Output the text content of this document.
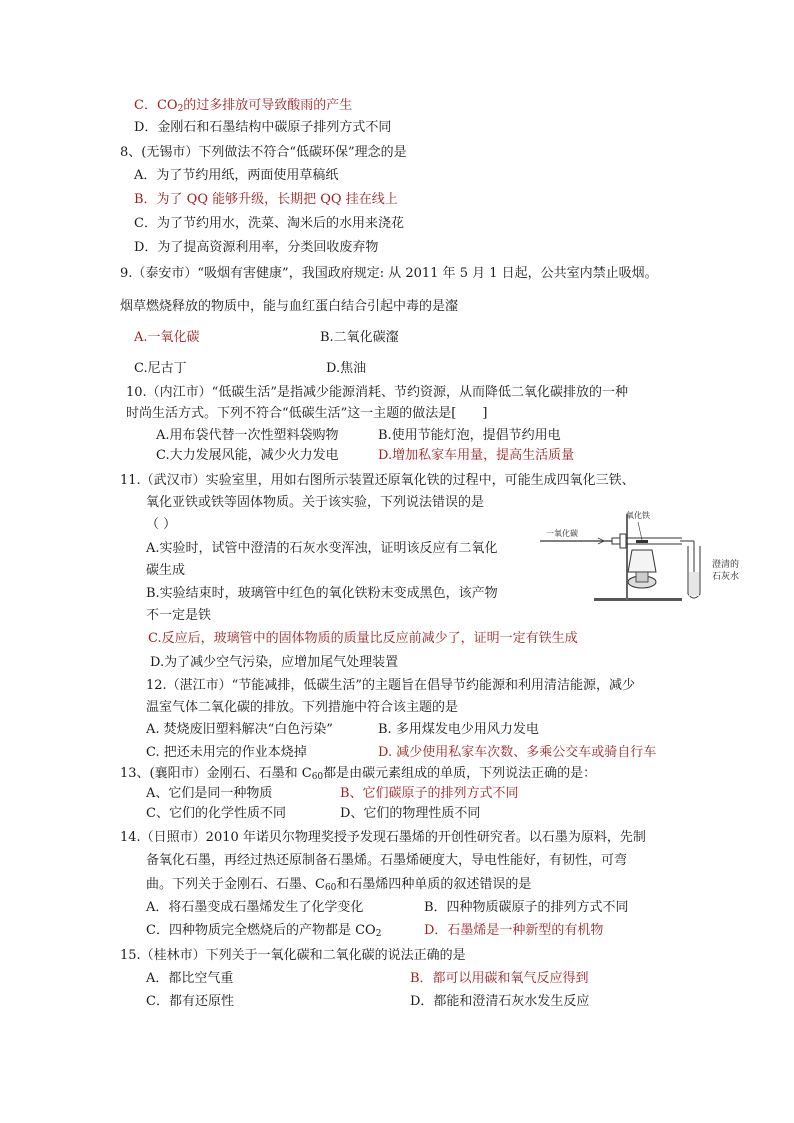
C．$CO_2$的过多排放可导致酸雨的产生
D．金刚石和石墨结构中碳原子排列方式不同
8、(无锡市）下列做法不符合“低碳环保”理念的是
A．为了节约用纸，两面使用草稿纸
B．为了 QQ 能够升级，长期把 QQ 挂在线上
C．为了节约用水，洗菜、淘米后的水用来浇花
D．为了提高资源利用率，分类回收废弃物
9.（泰安市）“吸烟有害健康”，我国政府规定: 从 2011 年 5 月 1 日起，公共室内禁止吸烟。
烟草燃烧释放的物质中，能与血红蛋白结合引起中毒的是瀣
A.一氧化碳	B.二氧化碳瀣
C.尼古丁	D.焦油
10.（内江市）“低碳生活”是指减少能源消耗、节约资源，从而降低二氧化碳排放的一种
时尚生活方式。下列不符合“低碳生活”这一主题的做法是[　　]
A.用布袋代替一次性塑料袋购物	B.使用节能灯泡，提倡节约用电
C.大力发展风能，减少火力发电	D.增加私家车用量，提高生活质量
11.（武汉市）实验室里，用如右图所示装置还原氧化铁的过程中，可能生成四氧化三铁、
氧化亚铁或铁等固体物质。关于该实验，下列说法错误的是
（ ）
A.实验时，试管中澄清的石灰水变浑浊，证明该反应有二氧化
碳生成
B.实验结束时，玻璃管中红色的氧化铁粉末变成黑色，该产物
不一定是铁
C.反应后，玻璃管中的固体物质的质量比反应前减少了，证明一定有铁生成
D.为了减少空气污染，应增加尾气处理装置
一氧化碳
氧化铁
澄清的
石灰水
12.（湛江市）“节能减排，低碳生活”的主题旨在倡导节约能源和利用清洁能源，减少
温室气体二氧化碳的排放。下列措施中符合该主题的是
A. 焚烧废旧塑料解决“白色污染”	B. 多用煤发电少用风力发电
C. 把还未用完的作业本烧掉	D. 减少使用私家车次数、多乘公交车或骑自行车
13、(襄阳市）金刚石、石墨和 $C_{60}$都是由碳元素组成的单质，下列说法正确的是：
A、它们是同一种物质	B、它们碳原子的排列方式不同
C、它们的化学性质不同	D、它们的物理性质不同
14.（日照市）2010 年诺贝尔物理奖授予发现石墨烯的开创性研究者。以石墨为原料，先制
备氧化石墨，再经过热还原制备石墨烯。石墨烯硬度大，导电性能好，有韧性，可弯
曲。下列关于金刚石、石墨、$C_{60}$和石墨烯四种单质的叙述错误的是
A．将石墨变成石墨烯发生了化学变化	B．四种物质碳原子的排列方式不同
C．四种物质完全燃烧后的产物都是 $CO_2$	D．石墨烯是一种新型的有机物
15.（桂林市）下列关于一氧化碳和二氧化碳的说法正确的是
A．都比空气重	B．都可以用碳和氧气反应得到
C．都有还原性	D．都能和澄清石灰水发生反应
